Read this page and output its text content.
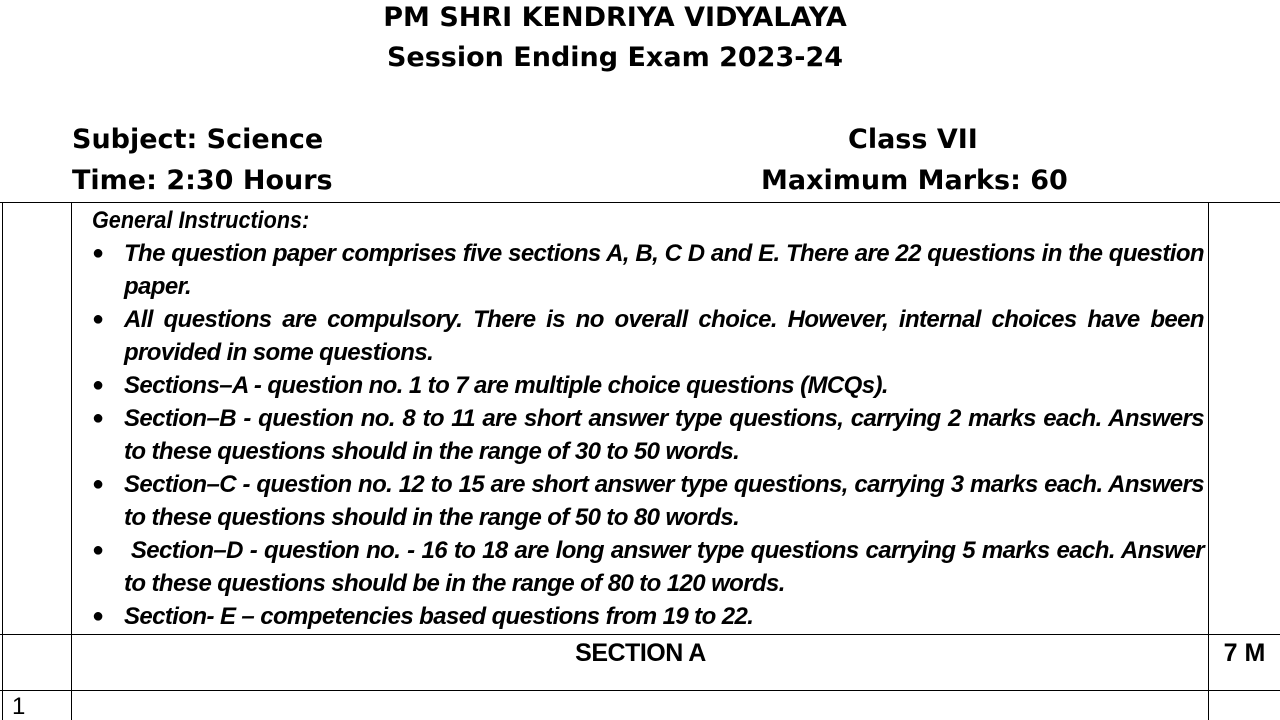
PM SHRI KENDRIYA VIDYALAYA
Session Ending Exam 2023-24
Subject: Science	Class VII
Time: 2:30 Hours	Maximum Marks: 60
General Instructions:
● The question paper comprises five sections A, B, C D and E. There are 22 questions in the question paper.
● All questions are compulsory. There is no overall choice. However, internal choices have been provided in some questions.
● Sections–A - question no. 1 to 7 are multiple choice questions (MCQs).
● Section–B - question no. 8 to 11 are short answer type questions, carrying 2 marks each. Answers to these questions should in the range of 30 to 50 words.
● Section–C - question no. 12 to 15 are short answer type questions, carrying 3 marks each. Answers to these questions should in the range of 50 to 80 words.
● Section–D - question no. - 16 to 18 are long answer type questions carrying 5 marks each. Answer to these questions should be in the range of 80 to 120 words.
● Section- E – competencies based questions from 19 to 22.
SECTION A	7 M
1
